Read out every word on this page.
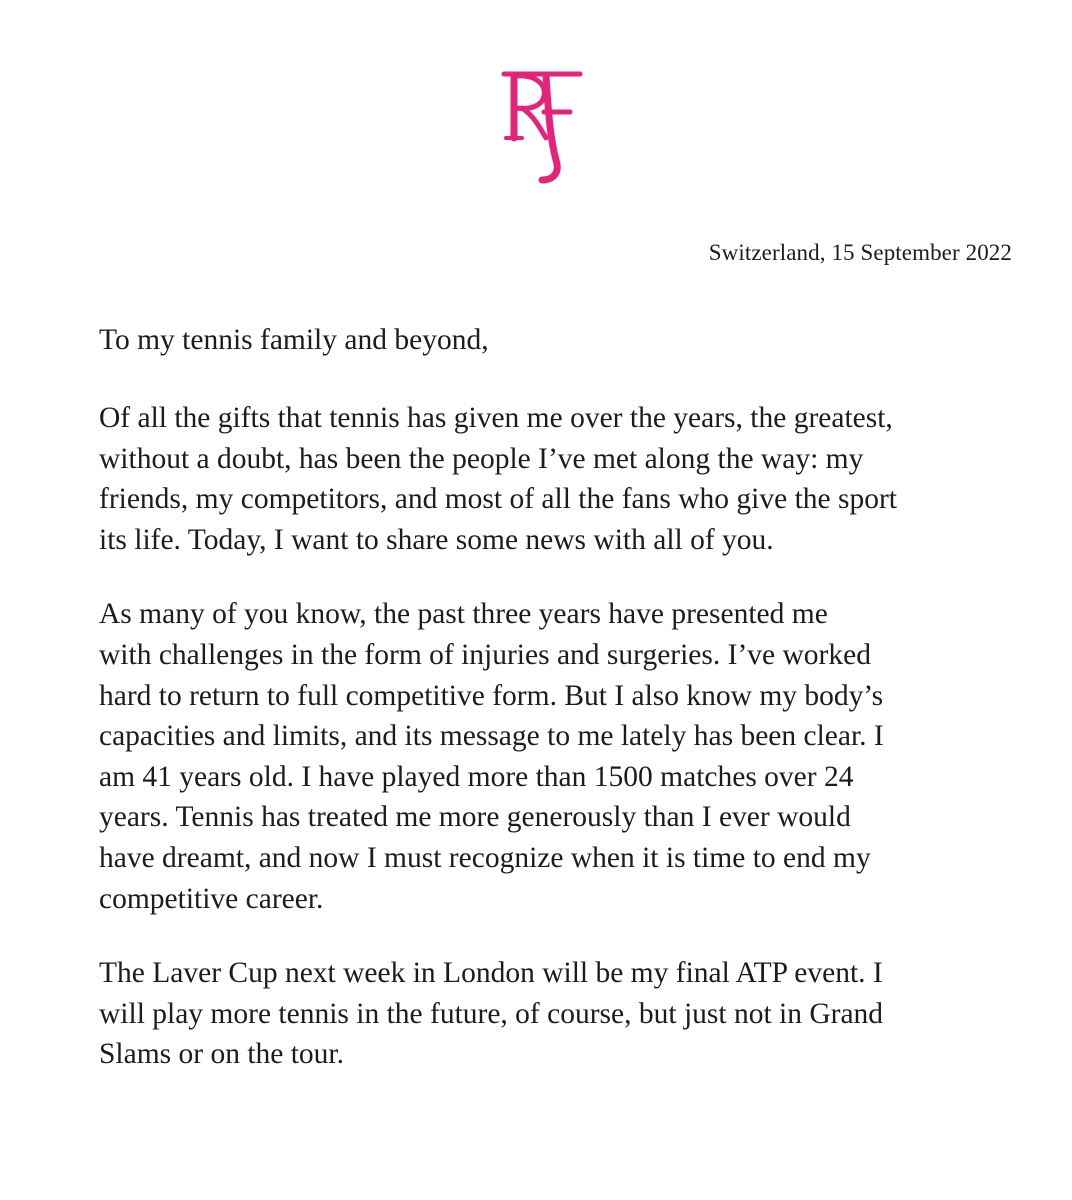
Switzerland, 15 September 2022

To my tennis family and beyond,

Of all the gifts that tennis has given me over the years, the greatest,
without a doubt, has been the people I’ve met along the way: my
friends, my competitors, and most of all the fans who give the sport
its life. Today, I want to share some news with all of you.

As many of you know, the past three years have presented me
with challenges in the form of injuries and surgeries. I’ve worked
hard to return to full competitive form. But I also know my body’s
capacities and limits, and its message to me lately has been clear. I
am 41 years old. I have played more than 1500 matches over 24
years. Tennis has treated me more generously than I ever would
have dreamt, and now I must recognize when it is time to end my
competitive career.

The Laver Cup next week in London will be my final ATP event. I
will play more tennis in the future, of course, but just not in Grand
Slams or on the tour.
